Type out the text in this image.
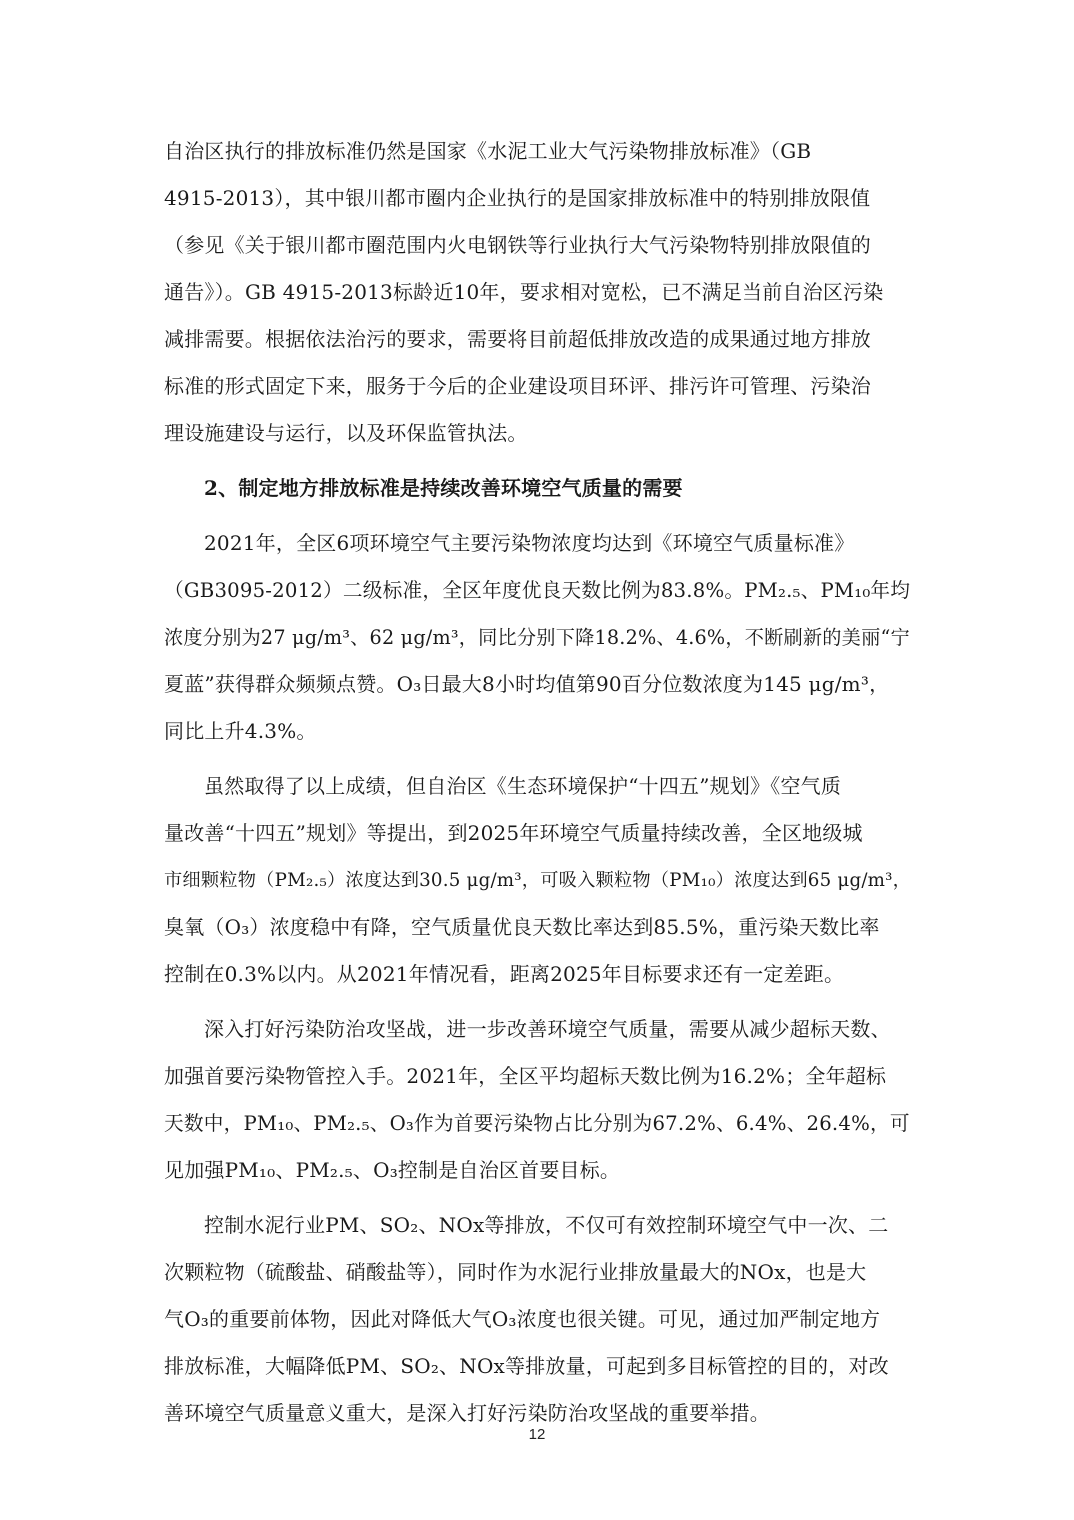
自治区执行的排放标准仍然是国家《水泥工业大气污染物排放标准》（GB
4915-2013），其中银川都市圈内企业执行的是国家排放标准中的特别排放限值
（参见《关于银川都市圈范围内火电钢铁等行业执行大气污染物特别排放限值的
通告》）。GB 4915-2013标龄近10年，要求相对宽松，已不满足当前自治区污染
减排需要。根据依法治污的要求，需要将目前超低排放改造的成果通过地方排放
标准的形式固定下来，服务于今后的企业建设项目环评、排污许可管理、污染治
理设施建设与运行，以及环保监管执法。

2、制定地方排放标准是持续改善环境空气质量的需要

2021年，全区6项环境空气主要污染物浓度均达到《环境空气质量标准》
（GB3095-2012）二级标准，全区年度优良天数比例为83.8%。PM₂.₅、PM₁₀年均
浓度分别为27 μg/m³、62 μg/m³，同比分别下降18.2%、4.6%，不断刷新的美丽“宁
夏蓝”获得群众频频点赞。O₃日最大8小时均值第90百分位数浓度为145 μg/m³，
同比上升4.3%。

虽然取得了以上成绩，但自治区《生态环境保护“十四五”规划》《空气质
量改善“十四五”规划》等提出，到2025年环境空气质量持续改善，全区地级城
市细颗粒物（PM₂.₅）浓度达到30.5 μg/m³，可吸入颗粒物（PM₁₀）浓度达到65 μg/m³，
臭氧（O₃）浓度稳中有降，空气质量优良天数比率达到85.5%，重污染天数比率
控制在0.3%以内。从2021年情况看，距离2025年目标要求还有一定差距。

深入打好污染防治攻坚战，进一步改善环境空气质量，需要从减少超标天数、
加强首要污染物管控入手。2021年，全区平均超标天数比例为16.2%；全年超标
天数中，PM₁₀、PM₂.₅、O₃作为首要污染物占比分别为67.2%、6.4%、26.4%，可
见加强PM₁₀、PM₂.₅、O₃控制是自治区首要目标。

控制水泥行业PM、SO₂、NOx等排放，不仅可有效控制环境空气中一次、二
次颗粒物（硫酸盐、硝酸盐等），同时作为水泥行业排放量最大的NOx，也是大
气O₃的重要前体物，因此对降低大气O₃浓度也很关键。可见，通过加严制定地方
排放标准，大幅降低PM、SO₂、NOx等排放量，可起到多目标管控的目的，对改
善环境空气质量意义重大，是深入打好污染防治攻坚战的重要举措。

12
